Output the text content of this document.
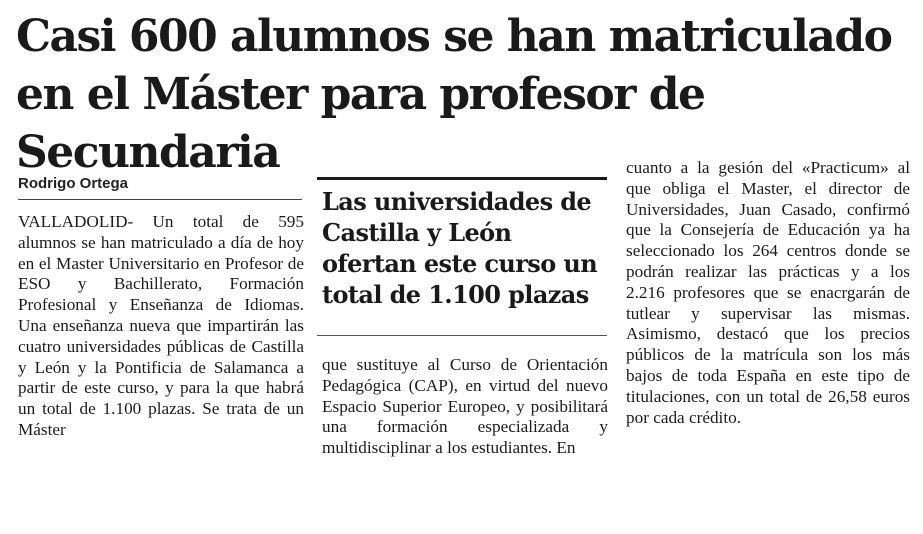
Casi 600 alumnos se han matriculado en el Máster para profesor de Secundaria
Rodrigo Ortega

VALLADOLID- Un total de 595 alumnos se han matriculado a día de hoy en el Master Universitario en Profesor de ESO y Bachillerato, Formación Profesional y Enseñanza de Idiomas. Una enseñanza nueva que impartirán las cuatro universidades públicas de Castilla y León y la Pontificia de Salamanca a partir de este curso, y para la que habrá un total de 1.100 plazas. Se trata de un Máster

Las universidades de Castilla y León ofertan este curso un total de 1.100 plazas

que sustituye al Curso de Orientación Pedagógica (CAP), en virtud del nuevo Espacio Superior Europeo, y posibilitará una formación especializada y multidisciplinar a los estudiantes. En

cuanto a la gesión del «Practicum» al que obliga el Master, el director de Universidades, Juan Casado, confirmó que la Consejería de Educación ya ha seleccionado los 264 centros donde se podrán realizar las prácticas y a los 2.216 profesores que se enacrgarán de tutlear y supervisar las mismas. Asimismo, destacó que los precios públicos de la matrícula son los más bajos de toda España en este tipo de titulaciones, con un total de 26,58 euros por cada crédito.
